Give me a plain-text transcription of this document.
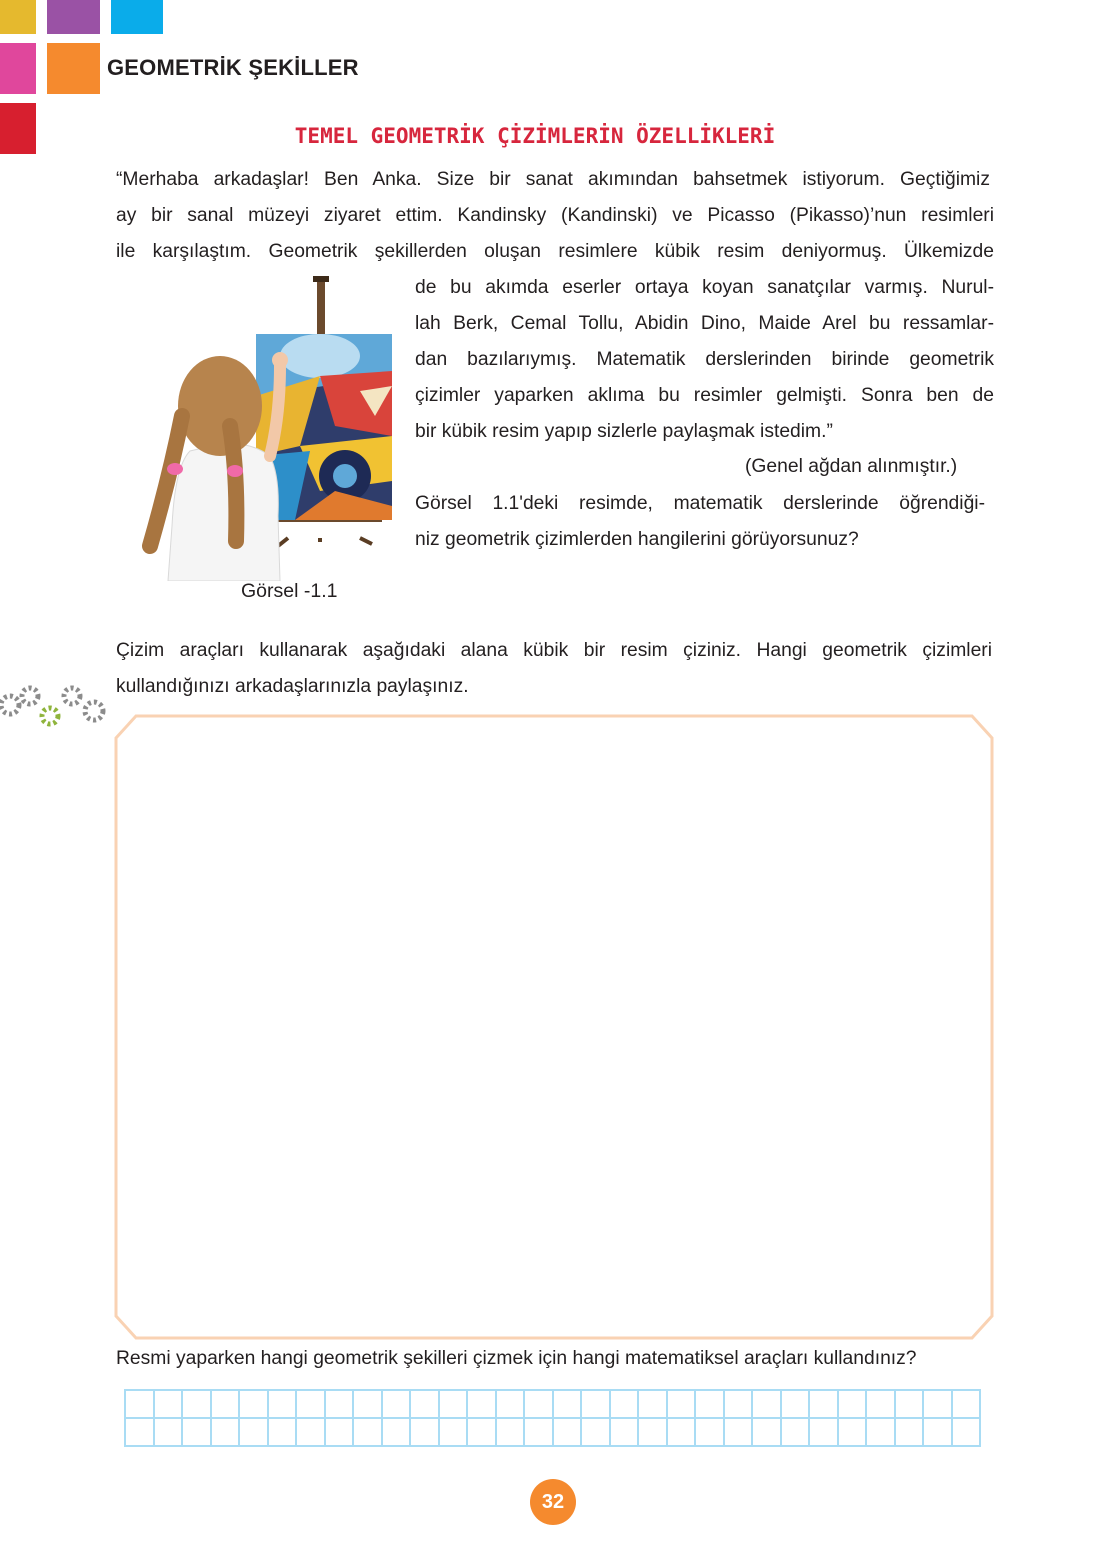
GEOMETRİK ŞEKİLLER
TEMEL GEOMETRİK ÇİZİMLERİN ÖZELLİKLERİ
“Merhaba arkadaşlar! Ben Anka. Size bir sanat akımından bahsetmek istiyorum. Geçtiğimiz
ay bir sanal müzeyi ziyaret ettim. Kandinsky (Kandinski) ve Picasso (Pikasso)’nun resimleri
ile karşılaştım. Geometrik şekillerden oluşan resimlere kübik resim deniyormuş. Ülkemizde
de bu akımda eserler ortaya koyan sanatçılar varmış. Nurul-
lah Berk, Cemal Tollu, Abidin Dino, Maide Arel bu ressamlar-
dan bazılarıymış. Matematik derslerinden birinde geometrik
çizimler yaparken aklıma bu resimler gelmişti. Sonra ben de
bir kübik resim yapıp sizlerle paylaşmak istedim.”
(Genel ağdan alınmıştır.)
Görsel 1.1'deki resimde, matematik derslerinde öğrendiği-
niz geometrik çizimlerden hangilerini görüyorsunuz?
Görsel -1.1
Çizim araçları kullanarak aşağıdaki alana kübik bir resim çiziniz. Hangi geometrik çizimleri
kullandığınızı arkadaşlarınızla paylaşınız.
Resmi yaparken hangi geometrik şekilleri çizmek için hangi matematiksel araçları kullandınız?

32
